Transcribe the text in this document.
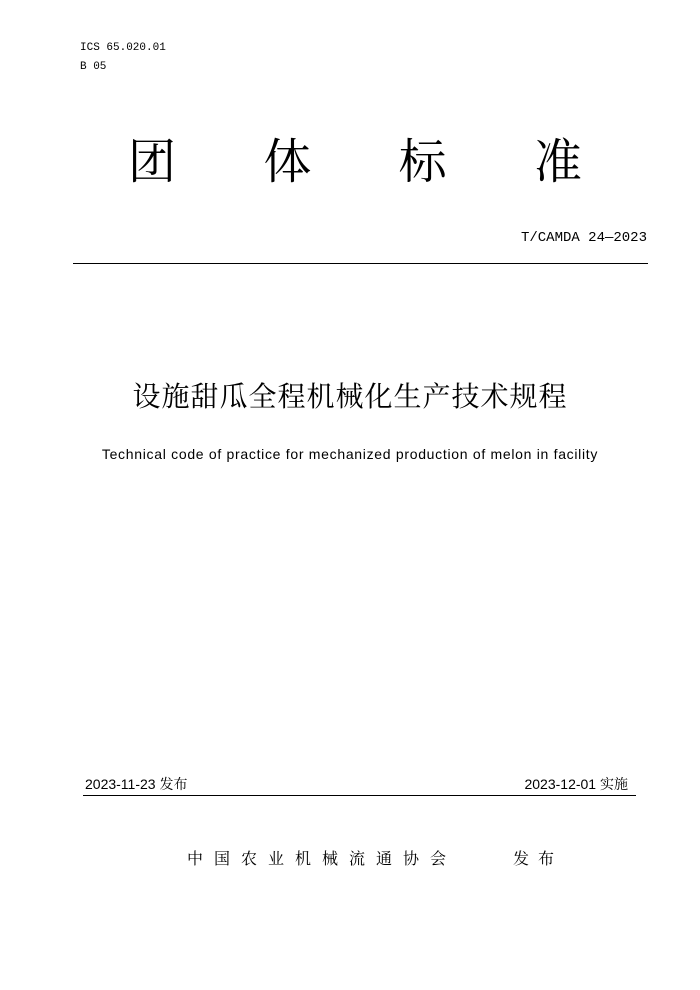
ICS 65.020.01
B 05
团 体 标 准
T/CAMDA 24—2023
设施甜瓜全程机械化生产技术规程
Technical code of practice for mechanized production of melon in facility
2023-11-23 发布	2023-12-01 实施
中国农业机械流通协会	发布
